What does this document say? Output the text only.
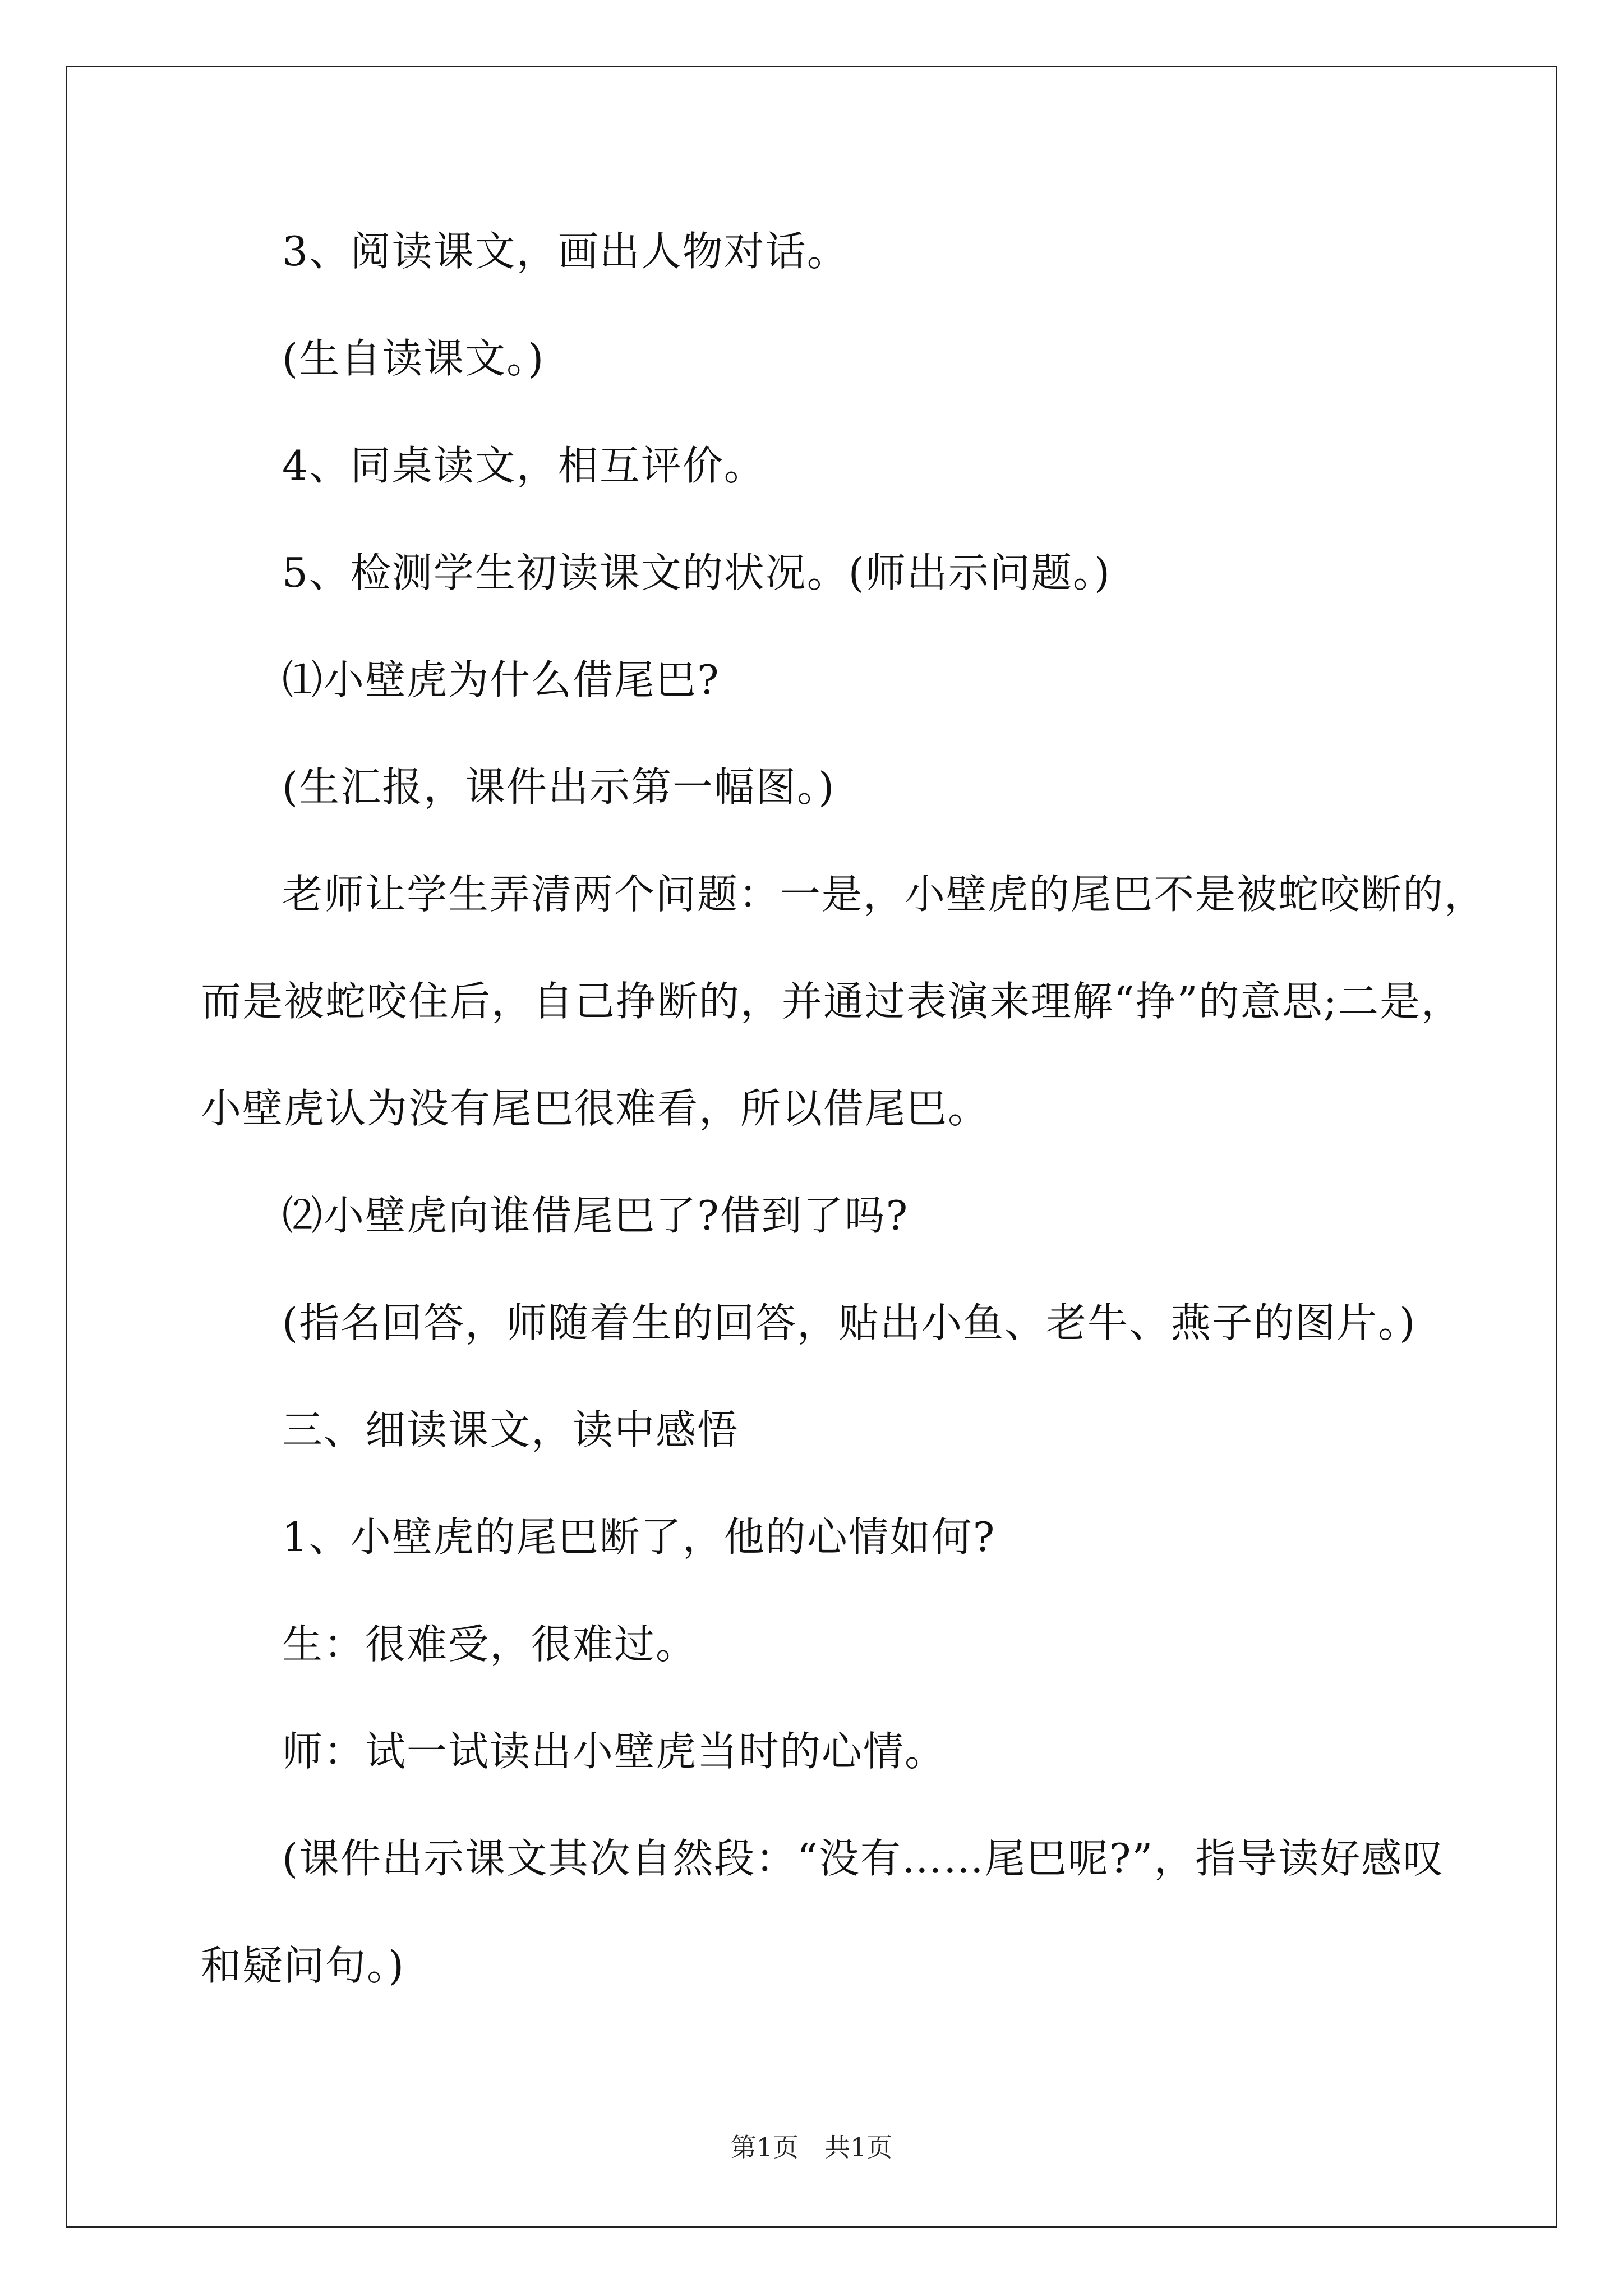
3、阅读课文，画出人物对话。
(生自读课文。)
4、同桌读文，相互评价。
5、检测学生初读课文的状况。(师出示问题。)
⑴小壁虎为什么借尾巴?
(生汇报，课件出示第一幅图。)
老师让学生弄清两个问题：一是，小壁虎的尾巴不是被蛇咬断的，
而是被蛇咬住后，自己挣断的，并通过表演来理解“挣”的意思;二是，
小壁虎认为没有尾巴很难看，所以借尾巴。
⑵小壁虎向谁借尾巴了?借到了吗?
(指名回答，师随着生的回答，贴出小鱼、老牛、燕子的图片。)
三、细读课文，读中感悟
1、小壁虎的尾巴断了，他的心情如何?
生：很难受，很难过。
师：试一试读出小壁虎当时的心情。
(课件出示课文其次自然段：“没有……尾巴呢?”，指导读好感叹
和疑问句。)
第1页　共1页
